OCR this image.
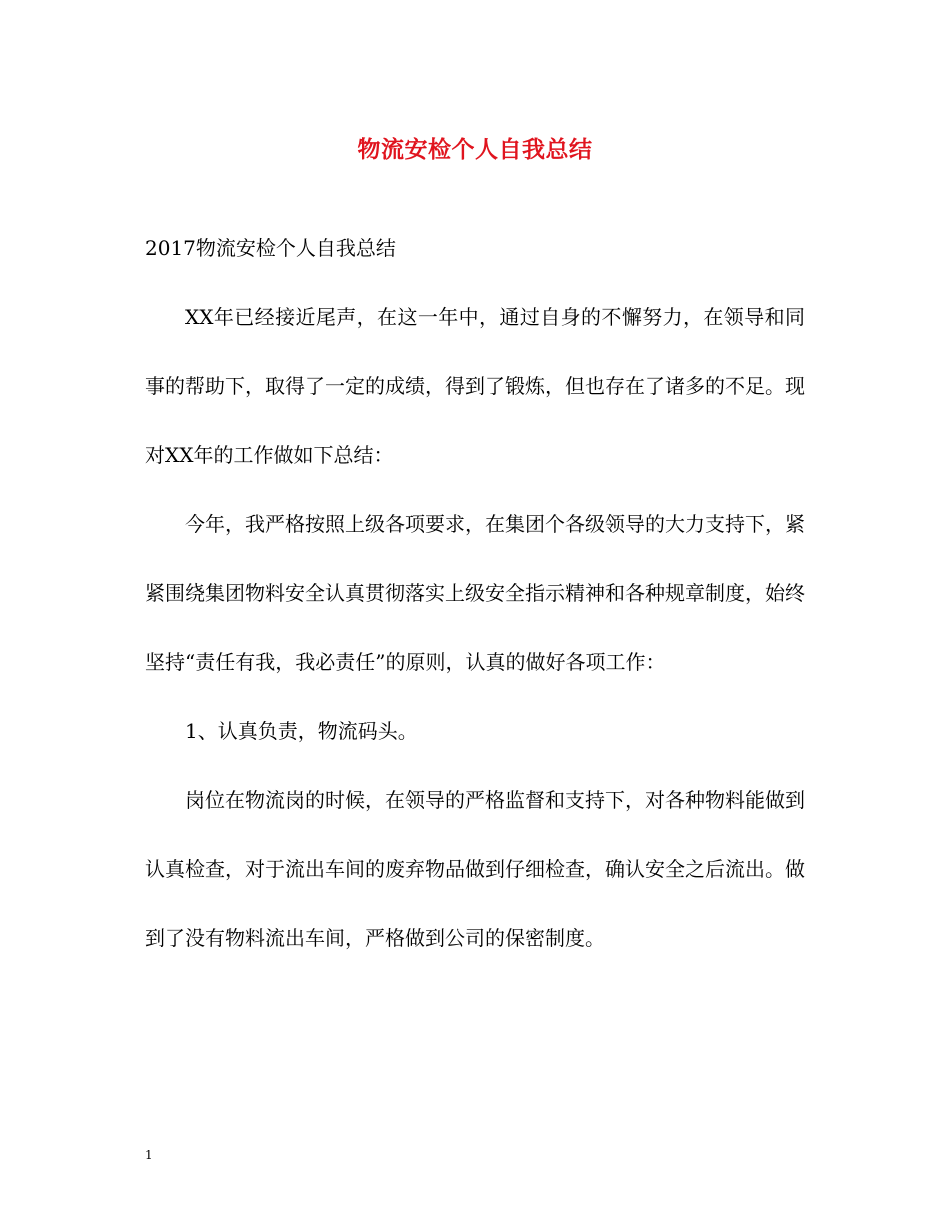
物流安检个人自我总结

2017物流安检个人自我总结

XX年已经接近尾声，在这一年中，通过自身的不懈努力，在领导和同事的帮助下，取得了一定的成绩，得到了锻炼，但也存在了诸多的不足。现对XX年的工作做如下总结：

今年，我严格按照上级各项要求，在集团个各级领导的大力支持下，紧紧围绕集团物料安全认真贯彻落实上级安全指示精神和各种规章制度，始终坚持“责任有我，我必责任”的原则，认真的做好各项工作：

1、认真负责，物流码头。

岗位在物流岗的时候，在领导的严格监督和支持下，对各种物料能做到认真检查，对于流出车间的废弃物品做到仔细检查，确认安全之后流出。做到了没有物料流出车间，严格做到公司的保密制度。

1
